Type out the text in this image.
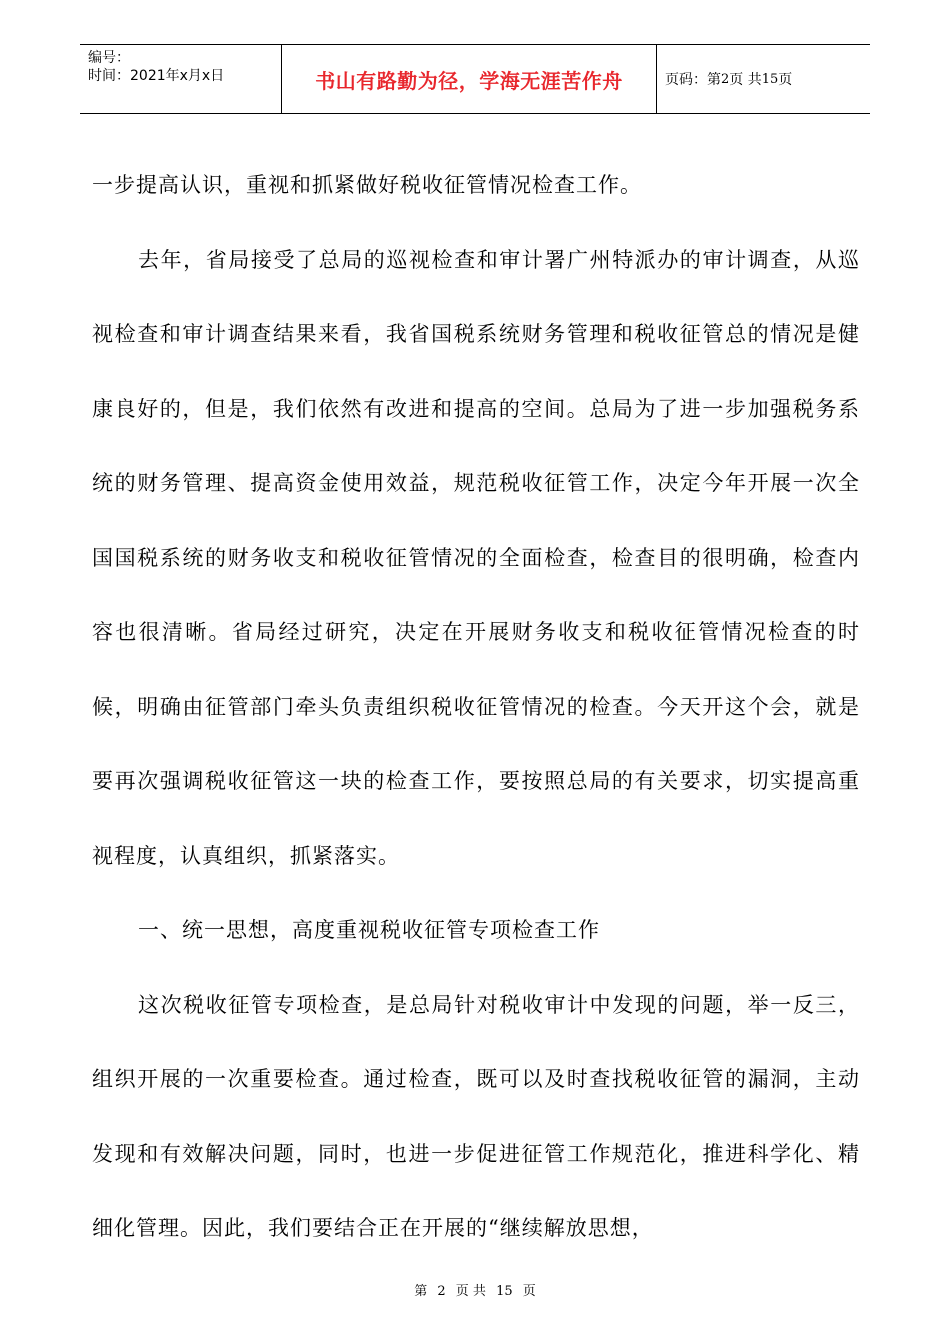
编号：
时间：2021年x月x日	书山有路勤为径，学海无涯苦作舟	页码：第 2 页 共 15 页

一步提高认识，重视和抓紧做好税收征管情况检查工作。

去年，省局接受了总局的巡视检查和审计署广州特派办的审计调查，从巡视检查和审计调查结果来看，我省国税系统财务管理和税收征管总的情况是健康良好的，但是，我们依然有改进和提高的空间。总局为了进一步加强税务系统的财务管理、提高资金使用效益，规范税收征管工作，决定今年开展一次全国国税系统的财务收支和税收征管情况的全面检查，检查目的很明确，检查内容也很清晰。省局经过研究，决定在开展财务收支和税收征管情况检查的时候，明确由征管部门牵头负责组织税收征管情况的检查。今天开这个会，就是要再次强调税收征管这一块的检查工作，要按照总局的有关要求，切实提高重视程度，认真组织，抓紧落实。

一、统一思想，高度重视税收征管专项检查工作

这次税收征管专项检查，是总局针对税收审计中发现的问题，举一反三，组织开展的一次重要检查。通过检查，既可以及时查找税收征管的漏洞，主动发现和有效解决问题，同时，也进一步促进征管工作规范化，推进科学化、精细化管理。因此，我们要结合正在开展的“继续解放思想，

第 2 页 共 15 页
